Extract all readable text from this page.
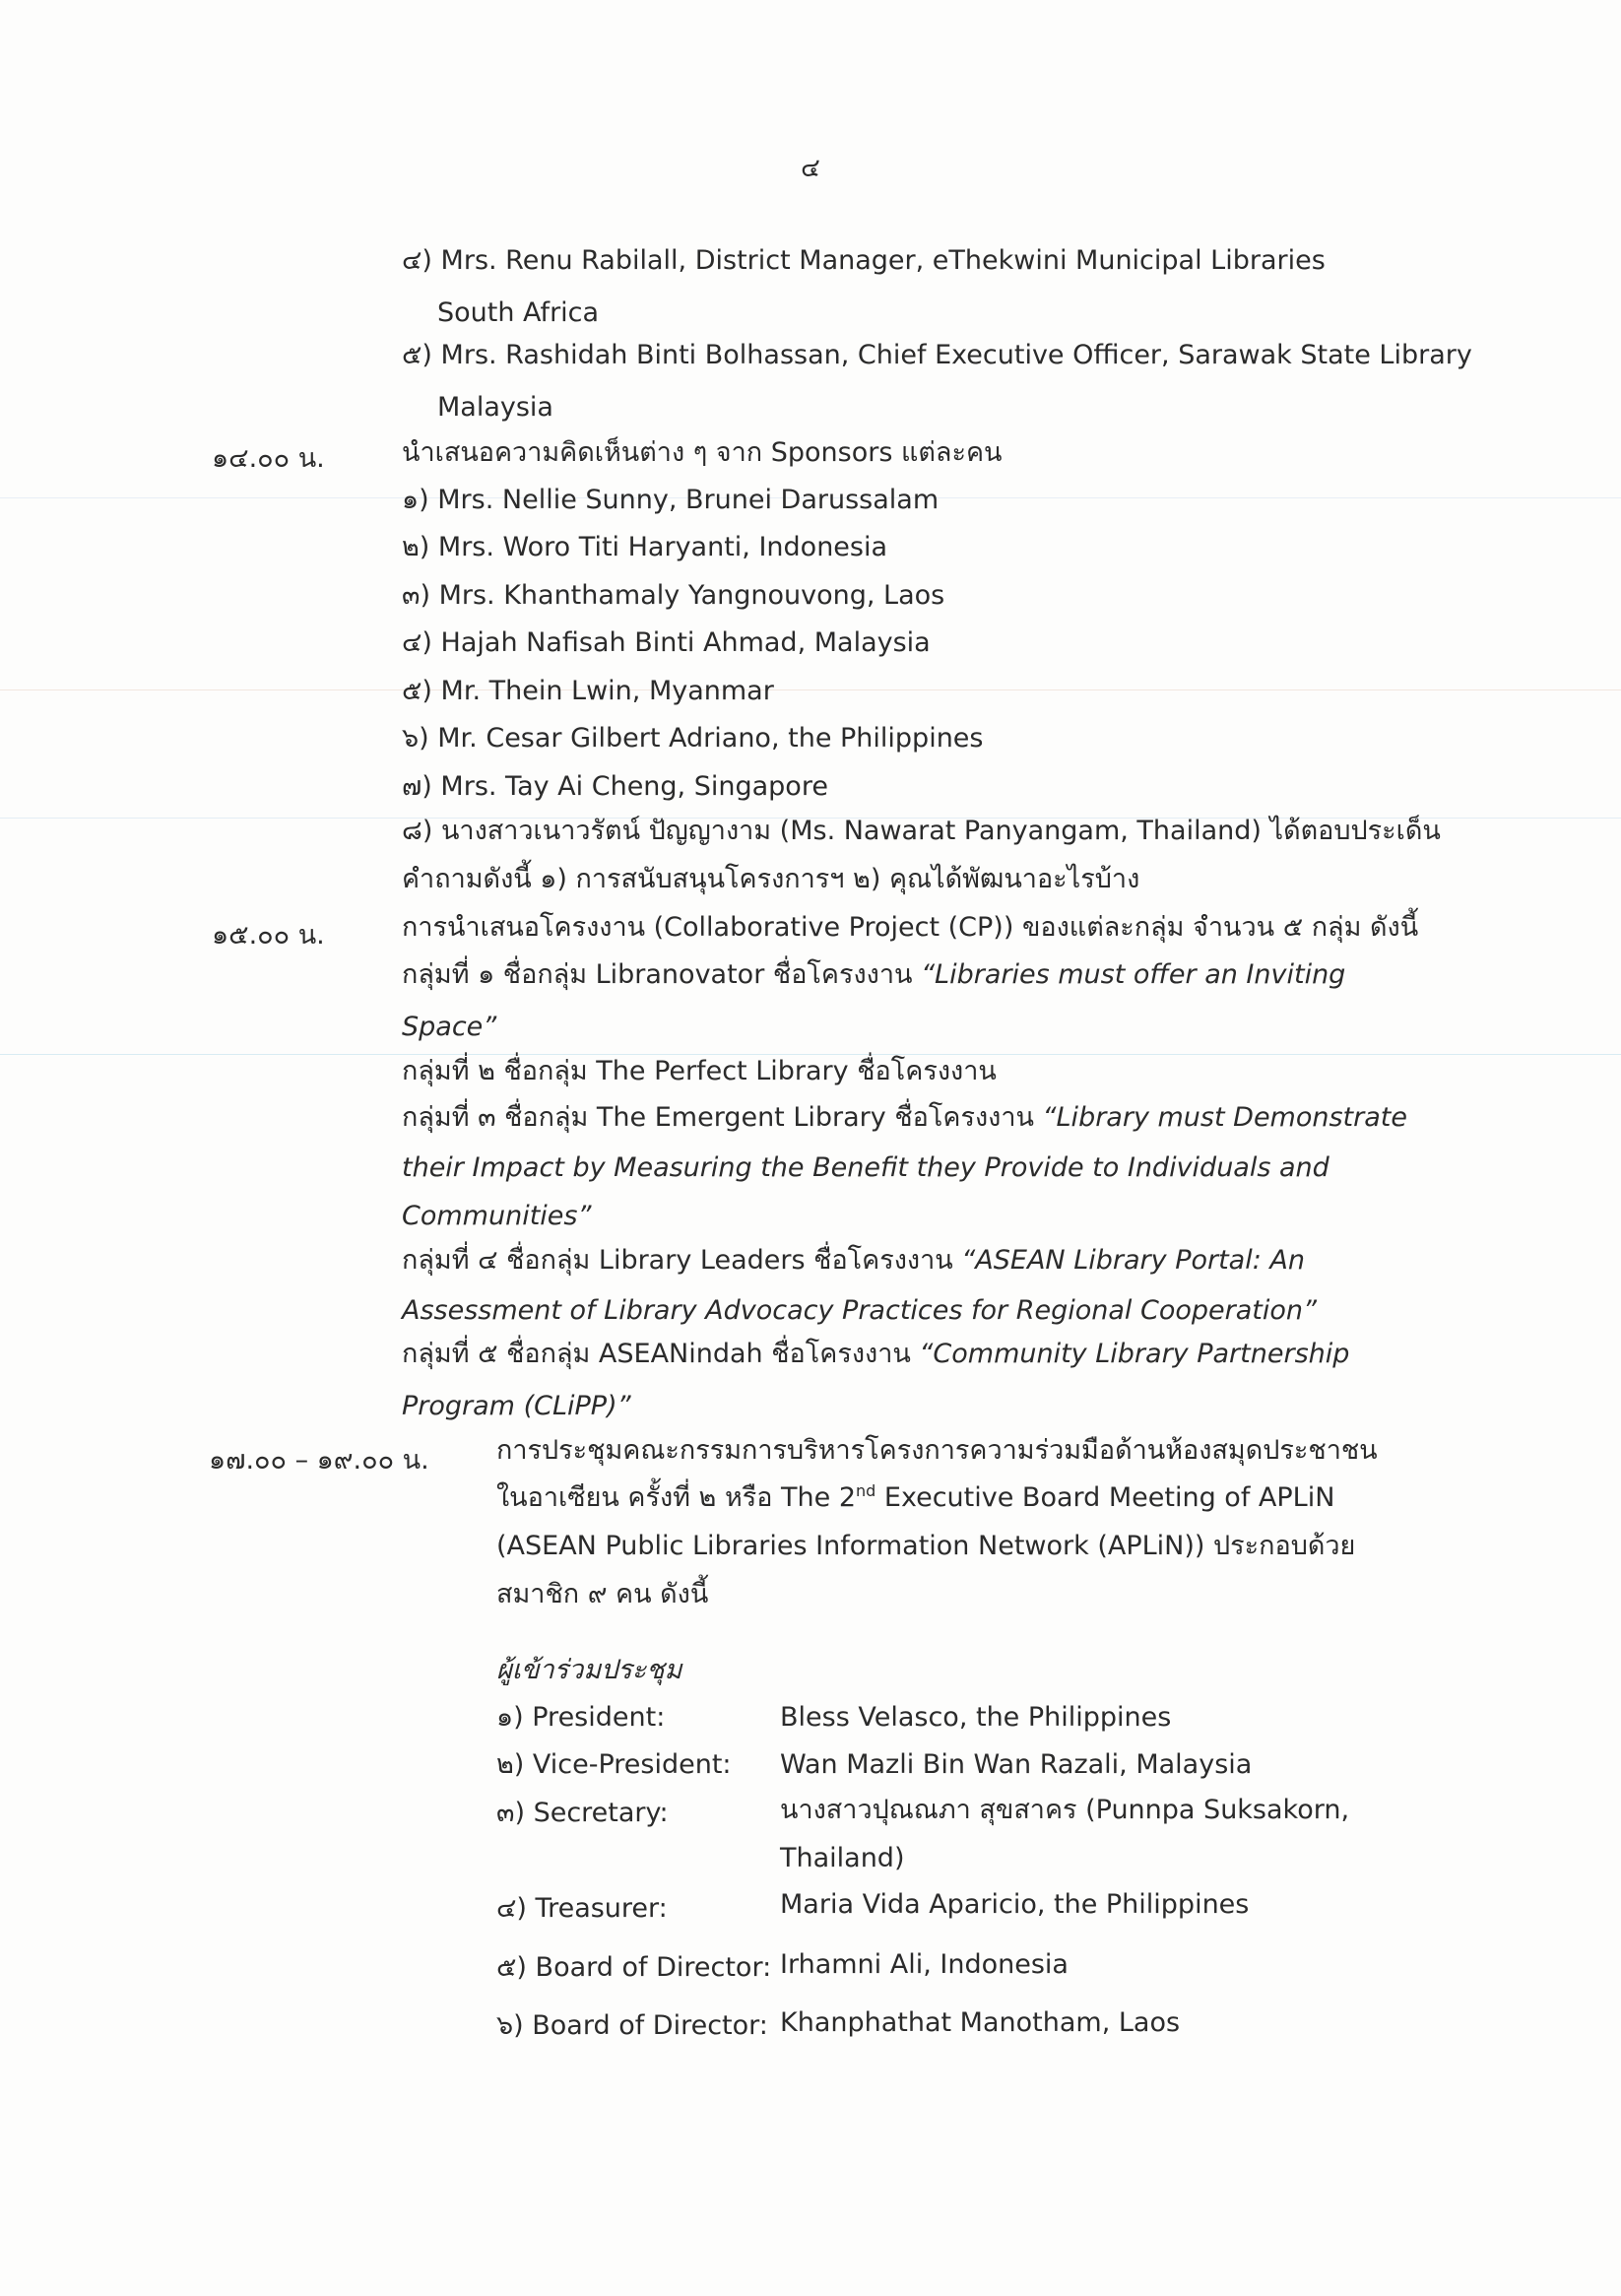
๔
๔) Mrs. Renu Rabilall, District Manager, eThekwini Municipal Libraries
South Africa
๕) Mrs. Rashidah Binti Bolhassan, Chief Executive Officer, Sarawak State Library
Malaysia
๑๔.๐๐ น.	นำเสนอความคิดเห็นต่าง ๆ จาก Sponsors แต่ละคน
๑) Mrs. Nellie Sunny, Brunei Darussalam
๒) Mrs. Woro Titi Haryanti, Indonesia
๓) Mrs. Khanthamaly Yangnouvong, Laos
๔) Hajah Nafisah Binti Ahmad, Malaysia
๕) Mr. Thein Lwin, Myanmar
๖) Mr. Cesar Gilbert Adriano, the Philippines
๗) Mrs. Tay Ai Cheng, Singapore
๘) นางสาวเนาวรัตน์ ปัญญางาม (Ms. Nawarat Panyangam, Thailand) ได้ตอบประเด็น
คำถามดังนี้ ๑) การสนับสนุนโครงการฯ ๒) คุณได้พัฒนาอะไรบ้าง
๑๕.๐๐ น.	การนำเสนอโครงงาน (Collaborative Project (CP)) ของแต่ละกลุ่ม จำนวน ๕ กลุ่ม ดังนี้
กลุ่มที่ ๑ ชื่อกลุ่ม Libranovator ชื่อโครงงาน “Libraries must offer an Inviting
Space”
กลุ่มที่ ๒ ชื่อกลุ่ม The Perfect Library ชื่อโครงงาน
กลุ่มที่ ๓ ชื่อกลุ่ม The Emergent Library ชื่อโครงงาน “Library must Demonstrate
their Impact by Measuring the Benefit they Provide to Individuals and
Communities”
กลุ่มที่ ๔ ชื่อกลุ่ม Library Leaders ชื่อโครงงาน “ASEAN Library Portal: An
Assessment of Library Advocacy Practices for Regional Cooperation”
กลุ่มที่ ๕ ชื่อกลุ่ม ASEANindah ชื่อโครงงาน “Community Library Partnership
Program (CLiPP)”
๑๗.๐๐ – ๑๙.๐๐ น.	การประชุมคณะกรรมการบริหารโครงการความร่วมมือด้านห้องสมุดประชาชน
ในอาเซียน ครั้งที่ ๒ หรือ The 2nd Executive Board Meeting of APLiN
(ASEAN Public Libraries Information Network (APLiN)) ประกอบด้วย
สมาชิก ๙ คน ดังนี้
ผู้เข้าร่วมประชุม
๑) President:	Bless Velasco, the Philippines
๒) Vice-President: Wan Mazli Bin Wan Razali, Malaysia
๓) Secretary:	นางสาวปุณณภา สุขสาคร (Punnpa Suksakorn,
Thailand)
๔) Treasurer:	Maria Vida Aparicio, the Philippines
๕) Board of Director: Irhamni Ali, Indonesia
๖) Board of Director: Khanphathat Manotham, Laos
